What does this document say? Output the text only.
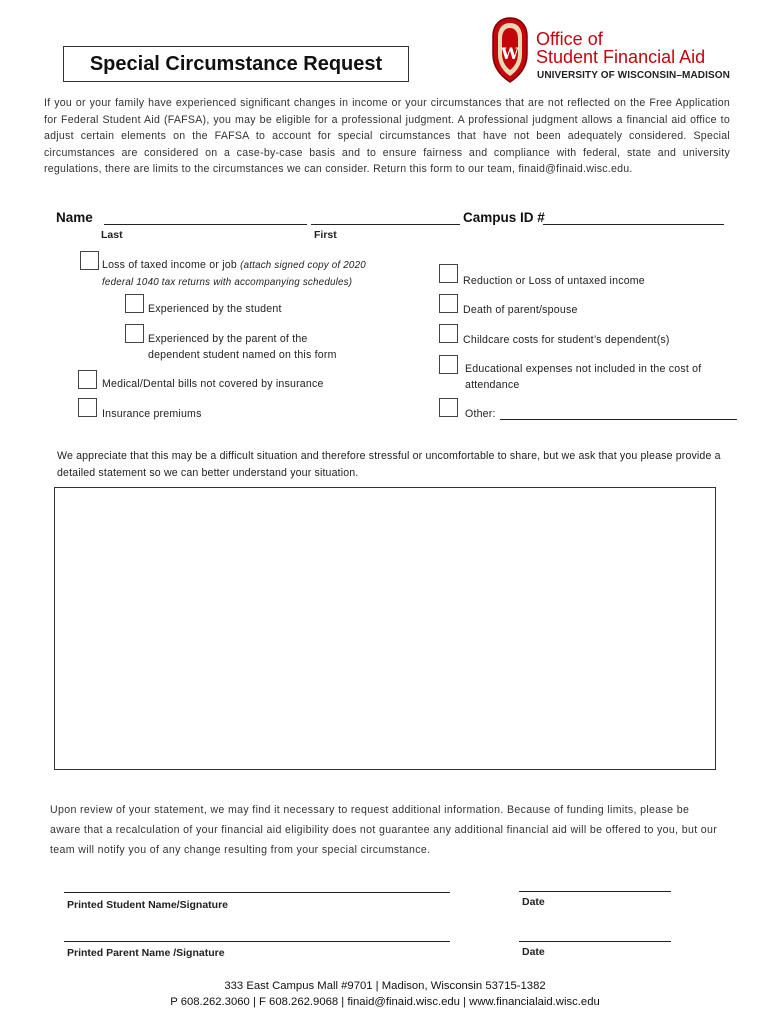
Special Circumstance Request	W
Office of
Student Financial Aid
UNIVERSITY OF WISCONSIN–MADISON
If you or your family have experienced significant changes in income or your circumstances that are not reflected on the Free Application for Federal Student Aid (FAFSA), you may be eligible for a professional judgment. A professional judgment allows a financial aid office to adjust certain elements on the FAFSA to account for special circumstances that have not been adequately considered. Special circumstances are considered on a case-by-case basis and to ensure fairness and compliance with federal, state and university regulations, there are limits to the circumstances we can consider. Return this form to our team, finaid@finaid.wisc.edu.
Name	Campus ID #
Last	First
Loss of taxed income or job (attach signed copy of 2020
federal 1040 tax returns with accompanying schedules)
Experienced by the student
Experienced by the parent of the
dependent student named on this form
Medical/Dental bills not covered by insurance
Insurance premiums
Reduction or Loss of untaxed income
Death of parent/spouse
Childcare costs for student’s dependent(s)
Educational expenses not included in the cost of
attendance
Other:
We appreciate that this may be a difficult situation and therefore stressful or uncomfortable to share, but we ask that you please provide a detailed statement so we can better understand your situation.
Upon review of your statement, we may find it necessary to request additional information. Because of funding limits, please be
aware that a recalculation of your financial aid eligibility does not guarantee any additional financial aid will be offered to you, but our
team will notify you of any change resulting from your special circumstance.
Printed Student Name/Signature	Date
Printed Parent Name /Signature	Date
333 East Campus Mall #9701 | Madison, Wisconsin 53715-1382
P 608.262.3060 | F 608.262.9068 | finaid@finaid.wisc.edu | www.financialaid.wisc.edu
